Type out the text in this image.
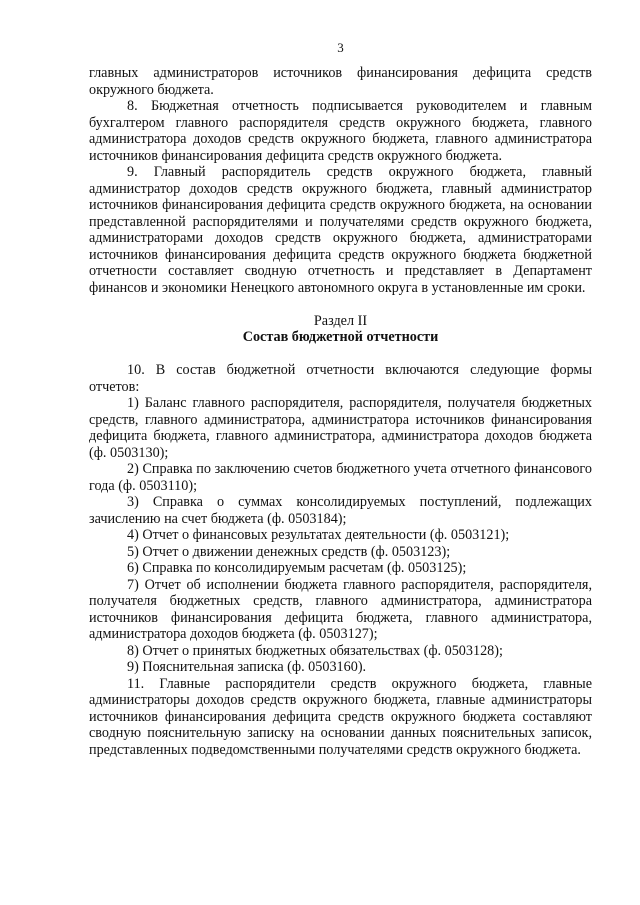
3

главных администраторов источников финансирования дефицита средств окружного бюджета.

8. Бюджетная отчетность подписывается руководителем и главным бухгалтером главного распорядителя средств окружного бюджета, главного администратора доходов средств окружного бюджета, главного администратора источников финансирования дефицита средств окружного бюджета.

9. Главный распорядитель средств окружного бюджета, главный администратор доходов средств окружного бюджета, главный администратор источников финансирования дефицита средств окружного бюджета, на основании представленной распорядителями и получателями средств окружного бюджета, администраторами доходов средств окружного бюджета, администраторами источников финансирования дефицита средств окружного бюджета бюджетной отчетности составляет сводную отчетность и представляет в Департамент финансов и экономики Ненецкого автономного округа в установленные им сроки.

Раздел II

Состав бюджетной отчетности

10. В состав бюджетной отчетности включаются следующие формы отчетов:

1) Баланс главного распорядителя, распорядителя, получателя бюджетных средств, главного администратора, администратора источников финансирования дефицита бюджета, главного администратора, администратора доходов бюджета (ф. 0503130);

2) Справка по заключению счетов бюджетного учета отчетного финансового года (ф. 0503110);

3) Справка о суммах консолидируемых поступлений, подлежащих зачислению на счет бюджета (ф. 0503184);

4) Отчет о финансовых результатах деятельности (ф. 0503121);

5) Отчет о движении денежных средств (ф. 0503123);

6) Справка по консолидируемым расчетам (ф. 0503125);

7) Отчет об исполнении бюджета главного распорядителя, распорядителя, получателя бюджетных средств, главного администратора, администратора источников финансирования дефицита бюджета, главного администратора, администратора доходов бюджета (ф. 0503127);

8) Отчет о принятых бюджетных обязательствах (ф. 0503128);

9) Пояснительная записка (ф. 0503160).

11. Главные распорядители средств окружного бюджета, главные администраторы доходов средств окружного бюджета, главные администраторы источников финансирования дефицита средств окружного бюджета составляют сводную пояснительную записку на основании данных пояснительных записок, представленных подведомственными получателями средств окружного бюджета.
